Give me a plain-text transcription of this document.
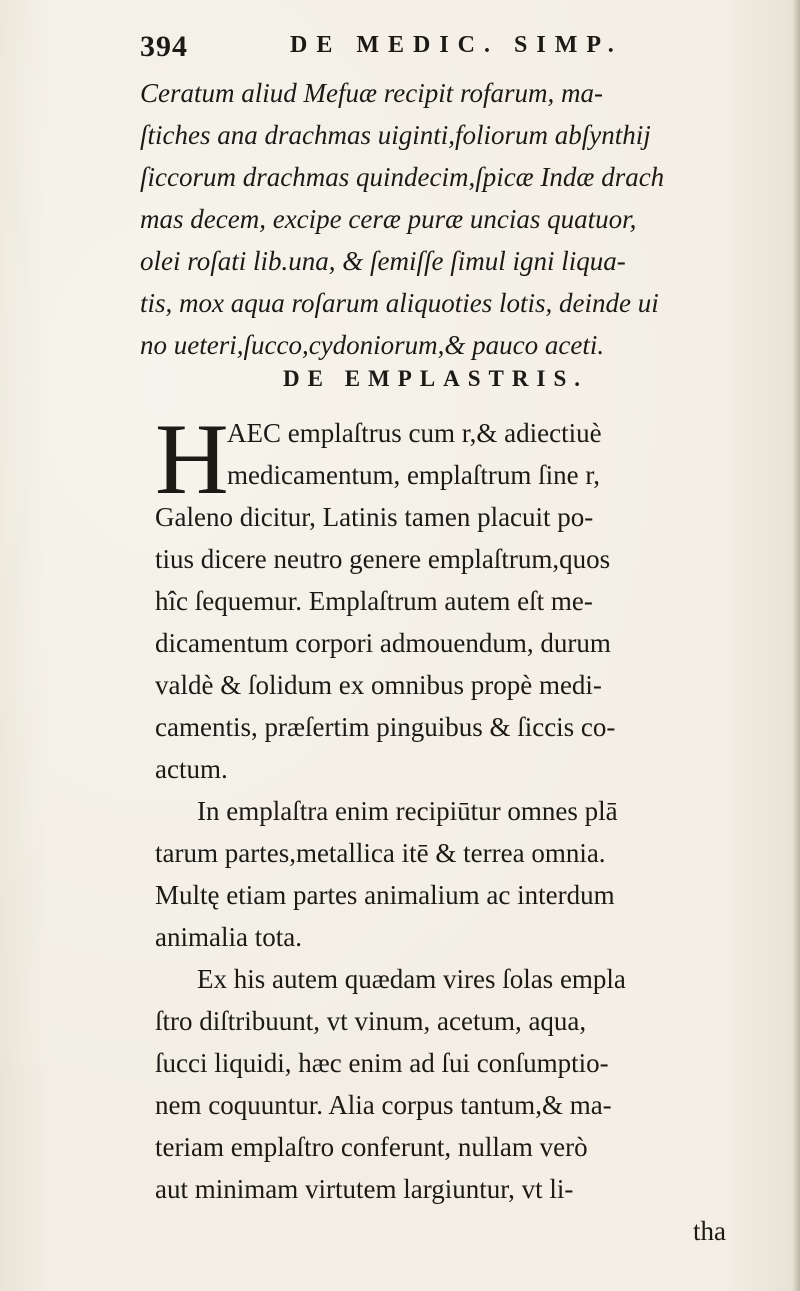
394	DE MEDIC. SIMP.
Ceratum aliud Mefuæ recipit rofarum, ma-
ſtiches ana drachmas uiginti,foliorum abſynthij
ſiccorum drachmas quindecim,ſpicæ Indæ drach
mas decem, excipe ceræ puræ uncias quatuor,
olei roſati lib.una, & ſemiſſe ſimul igni liqua-
tis, mox aqua roſarum aliquoties lotis, deinde ui
no ueteri,ſucco,cydoniorum,& pauco aceti.
DE EMPLASTRIS.
H
AEC emplaſtrus cum r,& adiectiuè
medicamentum, emplaſtrum ſine r,
Galeno dicitur, Latinis tamen placuit po-
tius dicere neutro genere emplaſtrum,quos
hîc ſequemur. Emplaſtrum autem eſt me-
dicamentum corpori admouendum, durum
valdè & ſolidum ex omnibus propè medi-
camentis, præſertim pinguibus & ſiccis co-
actum.
In emplaſtra enim recipiūtur omnes plā
tarum partes,metallica itē & terrea omnia.
Multę etiam partes animalium ac interdum
animalia tota.
Ex his autem quædam vires ſolas empla
ſtro diſtribuunt, vt vinum, acetum, aqua,
ſucci liquidi, hæc enim ad ſui conſumptio-
nem coquuntur. Alia corpus tantum,& ma-
teriam emplaſtro conferunt, nullam verò
aut minimam virtutem largiuntur, vt li-
tha
